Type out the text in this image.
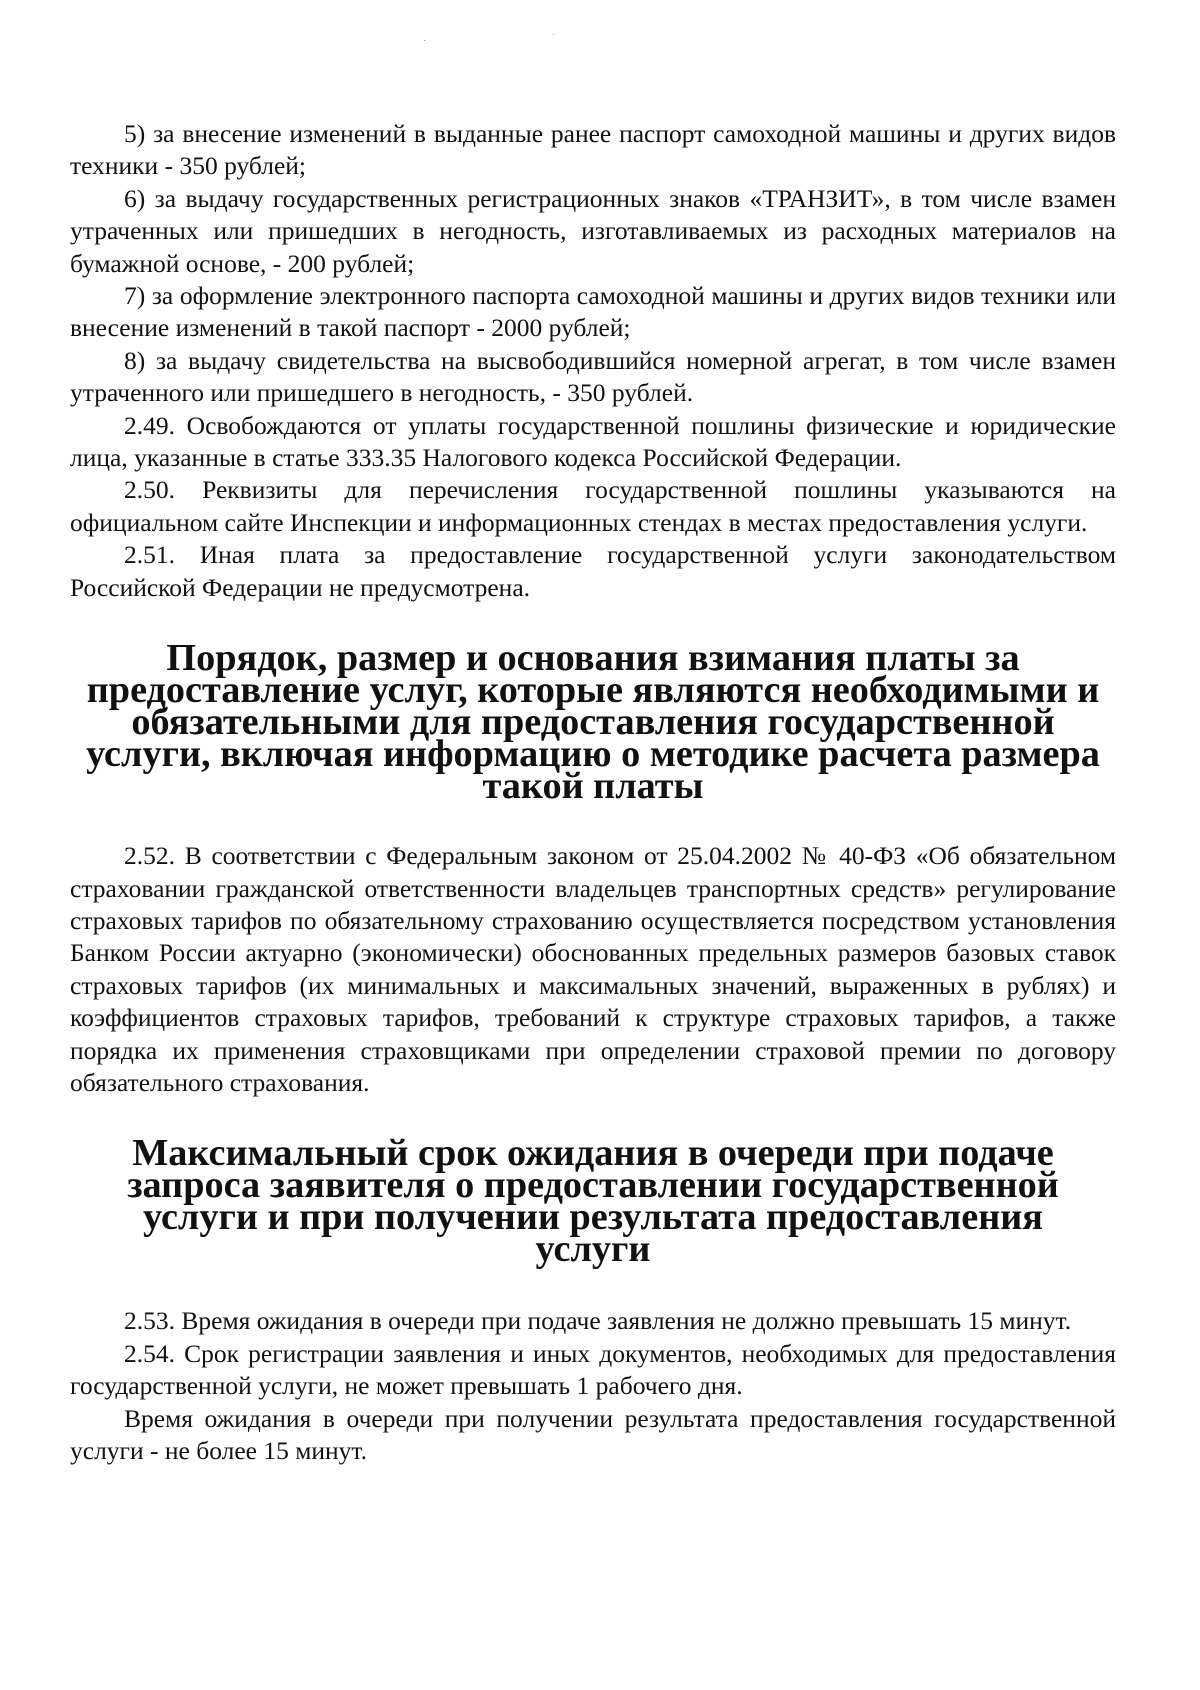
5) за внесение изменений в выданные ранее паспорт самоходной машины и других видов техники - 350 рублей;

6) за выдачу государственных регистрационных знаков «ТРАНЗИТ», в том числе взамен утраченных или пришедших в негодность, изготавливаемых из расходных материалов на бумажной основе, - 200 рублей;

7) за оформление электронного паспорта самоходной машины и других видов техники или внесение изменений в такой паспорт - 2000 рублей;

8) за выдачу свидетельства на высвободившийся номерной агрегат, в том числе взамен утраченного или пришедшего в негодность, - 350 рублей.

2.49. Освобождаются от уплаты государственной пошлины физические и юридические лица, указанные в статье 333.35 Налогового кодекса Российской Федерации.

2.50. Реквизиты для перечисления государственной пошлины указываются на официальном сайте Инспекции и информационных стендах в местах предоставления услуги.

2.51. Иная плата за предоставление государственной услуги законодательством Российской Федерации не предусмотрена.

Порядок, размер и основания взимания платы за предоставление услуг, которые являются необходимыми и обязательными для предоставления государственной услуги, включая информацию о методике расчета размера такой платы

2.52. В соответствии с Федеральным законом от 25.04.2002 № 40-ФЗ «Об обязательном страховании гражданской ответственности владельцев транспортных средств» регулирование страховых тарифов по обязательному страхованию осуществляется посредством установления Банком России актуарно (экономически) обоснованных предельных размеров базовых ставок страховых тарифов (их минимальных и максимальных значений, выраженных в рублях) и коэффициентов страховых тарифов, требований к структуре страховых тарифов, а также порядка их применения страховщиками при определении страховой премии по договору обязательного страхования.

Максимальный срок ожидания в очереди при подаче запроса заявителя о предоставлении государственной услуги и при получении результата предоставления услуги

2.53. Время ожидания в очереди при подаче заявления не должно превышать 15 минут.

2.54. Срок регистрации заявления и иных документов, необходимых для предоставления государственной услуги, не может превышать 1 рабочего дня.

Время ожидания в очереди при получении результата предоставления государственной услуги - не более 15 минут.
